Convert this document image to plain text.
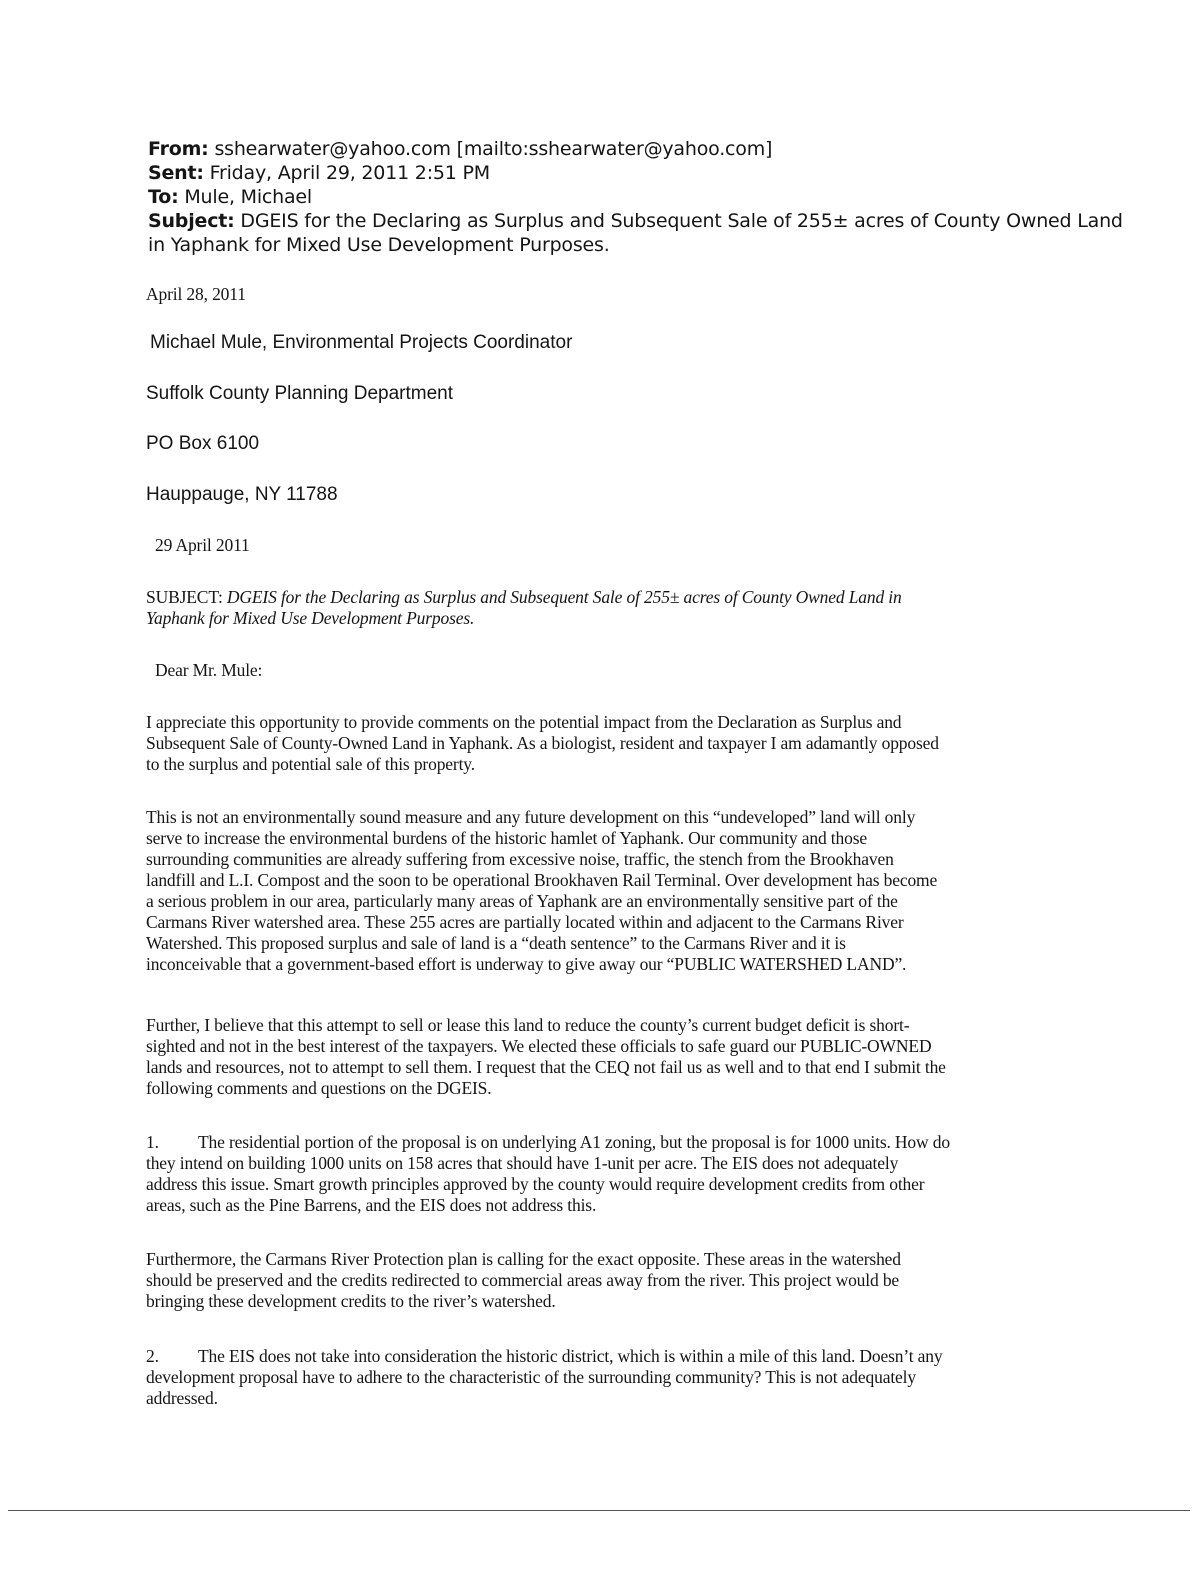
From: sshearwater@yahoo.com [mailto:sshearwater@yahoo.com]
Sent: Friday, April 29, 2011 2:51 PM
To: Mule, Michael
Subject: DGEIS for the Declaring as Surplus and Subsequent Sale of 255± acres of County Owned Land
in Yaphank for Mixed Use Development Purposes.
April 28, 2011
Michael Mule, Environmental Projects Coordinator
Suffolk County Planning Department
PO Box 6100
Hauppauge, NY 11788
29 April 2011
SUBJECT: DGEIS for the Declaring as Surplus and Subsequent Sale of 255± acres of County Owned Land in
Yaphank for Mixed Use Development Purposes.
Dear Mr. Mule:
I appreciate this opportunity to provide comments on the potential impact from the Declaration as Surplus and
Subsequent Sale of County-Owned Land in Yaphank. As a biologist, resident and taxpayer I am adamantly opposed
to the surplus and potential sale of this property.
This is not an environmentally sound measure and any future development on this “undeveloped” land will only
serve to increase the environmental burdens of the historic hamlet of Yaphank. Our community and those
surrounding communities are already suffering from excessive noise, traffic, the stench from the Brookhaven
landfill and L.I. Compost and the soon to be operational Brookhaven Rail Terminal. Over development has become
a serious problem in our area, particularly many areas of Yaphank are an environmentally sensitive part of the
Carmans River watershed area. These 255 acres are partially located within and adjacent to the Carmans River
Watershed. This proposed surplus and sale of land is a “death sentence” to the Carmans River and it is
inconceivable that a government-based effort is underway to give away our “PUBLIC WATERSHED LAND”.
Further, I believe that this attempt to sell or lease this land to reduce the county’s current budget deficit is short-
sighted and not in the best interest of the taxpayers. We elected these officials to safe guard our PUBLIC-OWNED
lands and resources, not to attempt to sell them. I request that the CEQ not fail us as well and to that end I submit the
following comments and questions on the DGEIS.
1. The residential portion of the proposal is on underlying A1 zoning, but the proposal is for 1000 units. How do
they intend on building 1000 units on 158 acres that should have 1-unit per acre. The EIS does not adequately
address this issue. Smart growth principles approved by the county would require development credits from other
areas, such as the Pine Barrens, and the EIS does not address this.
Furthermore, the Carmans River Protection plan is calling for the exact opposite. These areas in the watershed
should be preserved and the credits redirected to commercial areas away from the river. This project would be
bringing these development credits to the river’s watershed.
2. The EIS does not take into consideration the historic district, which is within a mile of this land. Doesn’t any
development proposal have to adhere to the characteristic of the surrounding community? This is not adequately
addressed.
